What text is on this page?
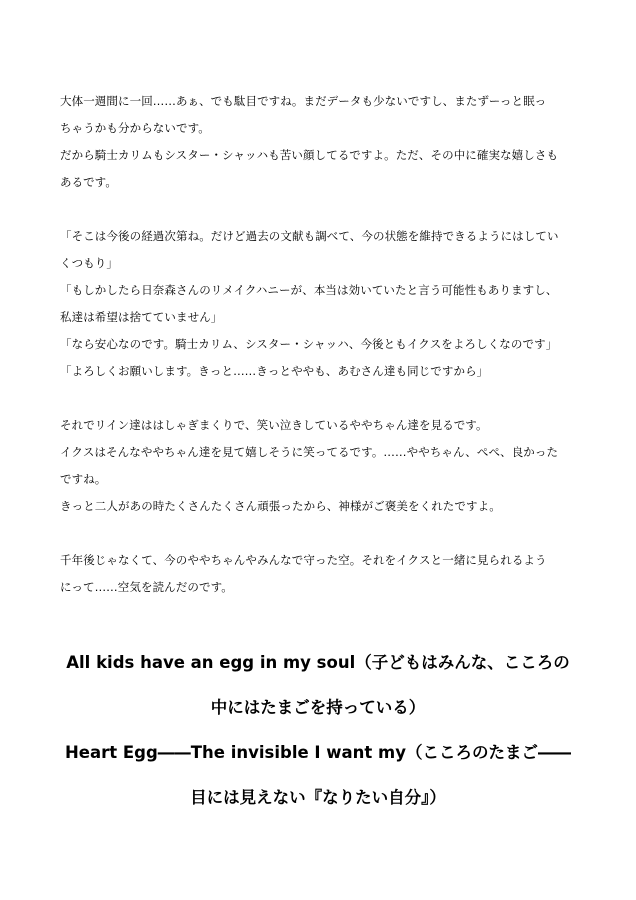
大体一週間に一回……あぁ、でも駄目ですね。まだデータも少ないですし、またずーっと眠っ
ちゃうかも分からないです。
だから騎士カリムもシスター・シャッハも苦い顔してるですよ。ただ、その中に確実な嬉しさも
あるです。
「そこは今後の経過次第ね。だけど過去の文献も調べて、今の状態を維持できるようにはしてい
くつもり」
「もしかしたら日奈森さんのリメイクハニーが、本当は効いていたと言う可能性もありますし、
私達は希望は捨てていません」
「なら安心なのです。騎士カリム、シスター・シャッハ、今後ともイクスをよろしくなのです」
「よろしくお願いします。きっと……きっとややも、あむさん達も同じですから」
それでリイン達ははしゃぎまくりで、笑い泣きしているややちゃん達を見るです。
イクスはそんなややちゃん達を見て嬉しそうに笑ってるです。……ややちゃん、ぺぺ、良かった
ですね。
きっと二人があの時たくさんたくさん頑張ったから、神様がご褒美をくれたですよ。
千年後じゃなくて、今のややちゃんやみんなで守った空。それをイクスと一緒に見られるよう
にって……空気を読んだのです。
All kids have an egg in my soul（子どもはみんな、こころの
中にはたまごを持っている）
Heart Egg――The invisible I want my（こころのたまご――
目には見えない『なりたい自分』）
